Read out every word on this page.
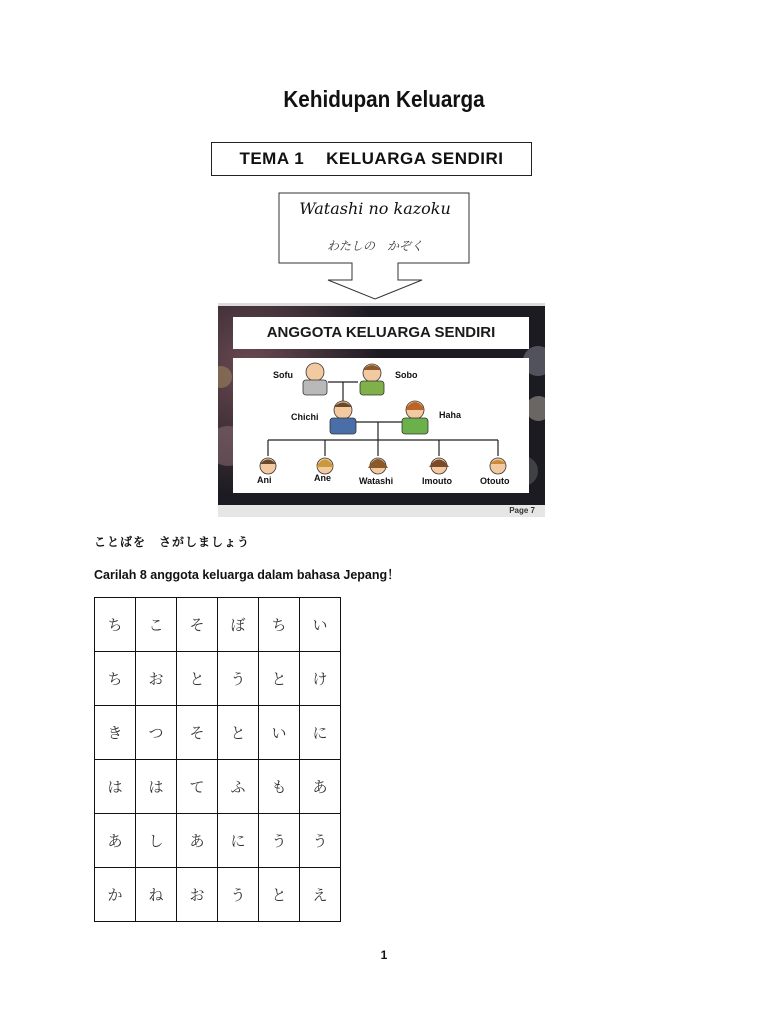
Kehidupan Keluarga
TEMA 1 KELUARGA SENDIRI
Watashi no kazoku
わたしの　かぞく
ANGGOTA KELUARGA SENDIRI
Sofu	Sobo
Chichi	Haha
Ani	Ane	Watashi	Imouto	Otouto
Page 7
ことばを　さがしましょう
Carilah 8 anggota keluarga dalam bahasa Jepang！
ち	こ	そ	ぼ	ち	い
ち	お	と	う	と	け
き	つ	そ	と	い	に
は	は	て	ふ	も	あ
あ	し	あ	に	う	う
か	ね	お	う	と	え
1
